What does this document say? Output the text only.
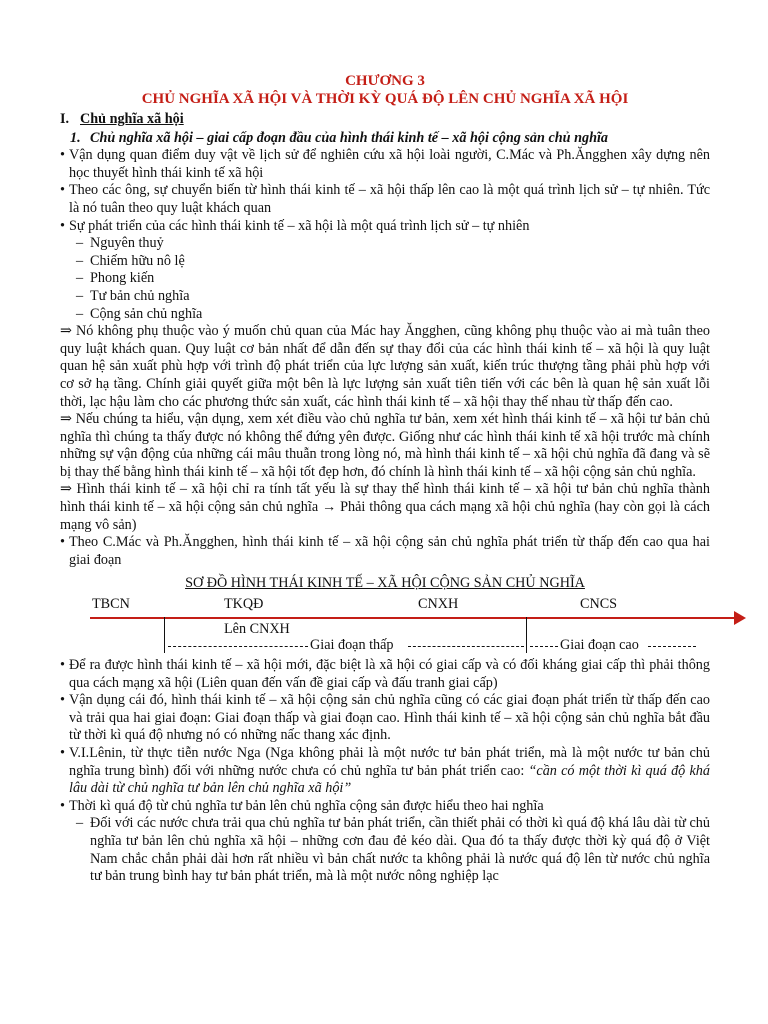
CHƯƠNG 3
CHỦ NGHĨA XÃ HỘI VÀ THỜI KỲ QUÁ ĐỘ LÊN CHỦ NGHĨA XÃ HỘI
I. Chủ nghĩa xã hội
1. Chủ nghĩa xã hội – giai cấp đoạn đầu của hình thái kinh tế – xã hội cộng sản chủ nghĩa
• Vận dụng quan điểm duy vật về lịch sử để nghiên cứu xã hội loài người, C.Mác và Ph.Ăngghen xây dựng nên học thuyết hình thái kinh tế xã hội
• Theo các ông, sự chuyển biến từ hình thái kinh tế – xã hội thấp lên cao là một quá trình lịch sử – tự nhiên. Tức là nó tuân theo quy luật khách quan
• Sự phát triển của các hình thái kinh tế – xã hội là một quá trình lịch sử – tự nhiên
– Nguyên thuỷ
– Chiếm hữu nô lệ
– Phong kiến
– Tư bản chủ nghĩa
– Cộng sản chủ nghĩa
⇒ Nó không phụ thuộc vào ý muốn chủ quan của Mác hay Ăngghen, cũng không phụ thuộc vào ai mà tuân theo quy luật khách quan. Quy luật cơ bản nhất để dẫn đến sự thay đổi của các hình thái kinh tế – xã hội là quy luật quan hệ sản xuất phù hợp với trình độ phát triển của lực lượng sản xuất, kiến trúc thượng tầng phải phù hợp với cơ sở hạ tầng. Chính giải quyết giữa một bên là lực lượng sản xuất tiên tiến với các bên là quan hệ sản xuất lỗi thời, lạc hậu làm cho các phương thức sản xuất, các hình thái kinh tế – xã hội thay thế nhau từ thấp đến cao.
⇒ Nếu chúng ta hiểu, vận dụng, xem xét điều vào chủ nghĩa tư bản, xem xét hình thái kinh tế – xã hội tư bản chủ nghĩa thì chúng ta thấy được nó không thể đứng yên được. Giống như các hình thái kinh tế xã hội trước mà chính những sự vận động của những cái mâu thuẫn trong lòng nó, mà hình thái kinh tế – xã hội chủ nghĩa đã đang và sẽ bị thay thế bằng hình thái kinh tế – xã hội tốt đẹp hơn, đó chính là hình thái kinh tế – xã hội cộng sản chủ nghĩa.
⇒ Hình thái kinh tế – xã hội chỉ ra tính tất yếu là sự thay thế hình thái kinh tế – xã hội tư bản chủ nghĩa thành hình thái kinh tế – xã hội cộng sản chủ nghĩa → Phải thông qua cách mạng xã hội chủ nghĩa (hay còn gọi là cách mạng vô sản)
• Theo C.Mác và Ph.Ăngghen, hình thái kinh tế – xã hội cộng sản chủ nghĩa phát triển từ thấp đến cao qua hai giai đoạn
SƠ ĐỒ HÌNH THÁI KINH TẾ – XÃ HỘI CỘNG SẢN CHỦ NGHĨA
TBCN	TKQĐ	CNXH	CNCS
Lên CNXH
Giai đoạn thấp	Giai đoạn cao
• Để ra được hình thái kinh tế – xã hội mới, đặc biệt là xã hội có giai cấp và có đối kháng giai cấp thì phải thông qua cách mạng xã hội (Liên quan đến vấn đề giai cấp và đấu tranh giai cấp)
• Vận dụng cái đó, hình thái kinh tế – xã hội cộng sản chủ nghĩa cũng có các giai đoạn phát triển từ thấp đến cao và trải qua hai giai đoạn: Giai đoạn thấp và giai đoạn cao. Hình thái kinh tế – xã hội cộng sản chủ nghĩa bắt đầu từ thời kì quá độ nhưng nó có những nấc thang xác định.
• V.I.Lênin, từ thực tiễn nước Nga (Nga không phải là một nước tư bản phát triển, mà là một nước tư bản chủ nghĩa trung bình) đối với những nước chưa có chủ nghĩa tư bản phát triển cao: “cần có một thời kì quá độ khá lâu dài từ chủ nghĩa tư bản lên chủ nghĩa xã hội”
• Thời kì quá độ từ chủ nghĩa tư bản lên chủ nghĩa cộng sản được hiểu theo hai nghĩa
– Đối với các nước chưa trải qua chủ nghĩa tư bản phát triển, cần thiết phải có thời kì quá độ khá lâu dài từ chủ nghĩa tư bản lên chủ nghĩa xã hội – những cơn đau đẻ kéo dài. Qua đó ta thấy được thời kỳ quá độ ở Việt Nam chắc chắn phải dài hơn rất nhiều vì bản chất nước ta không phải là nước quá độ lên từ nước chủ nghĩa tư bản trung bình hay tư bản phát triển, mà là một nước nông nghiệp lạc
